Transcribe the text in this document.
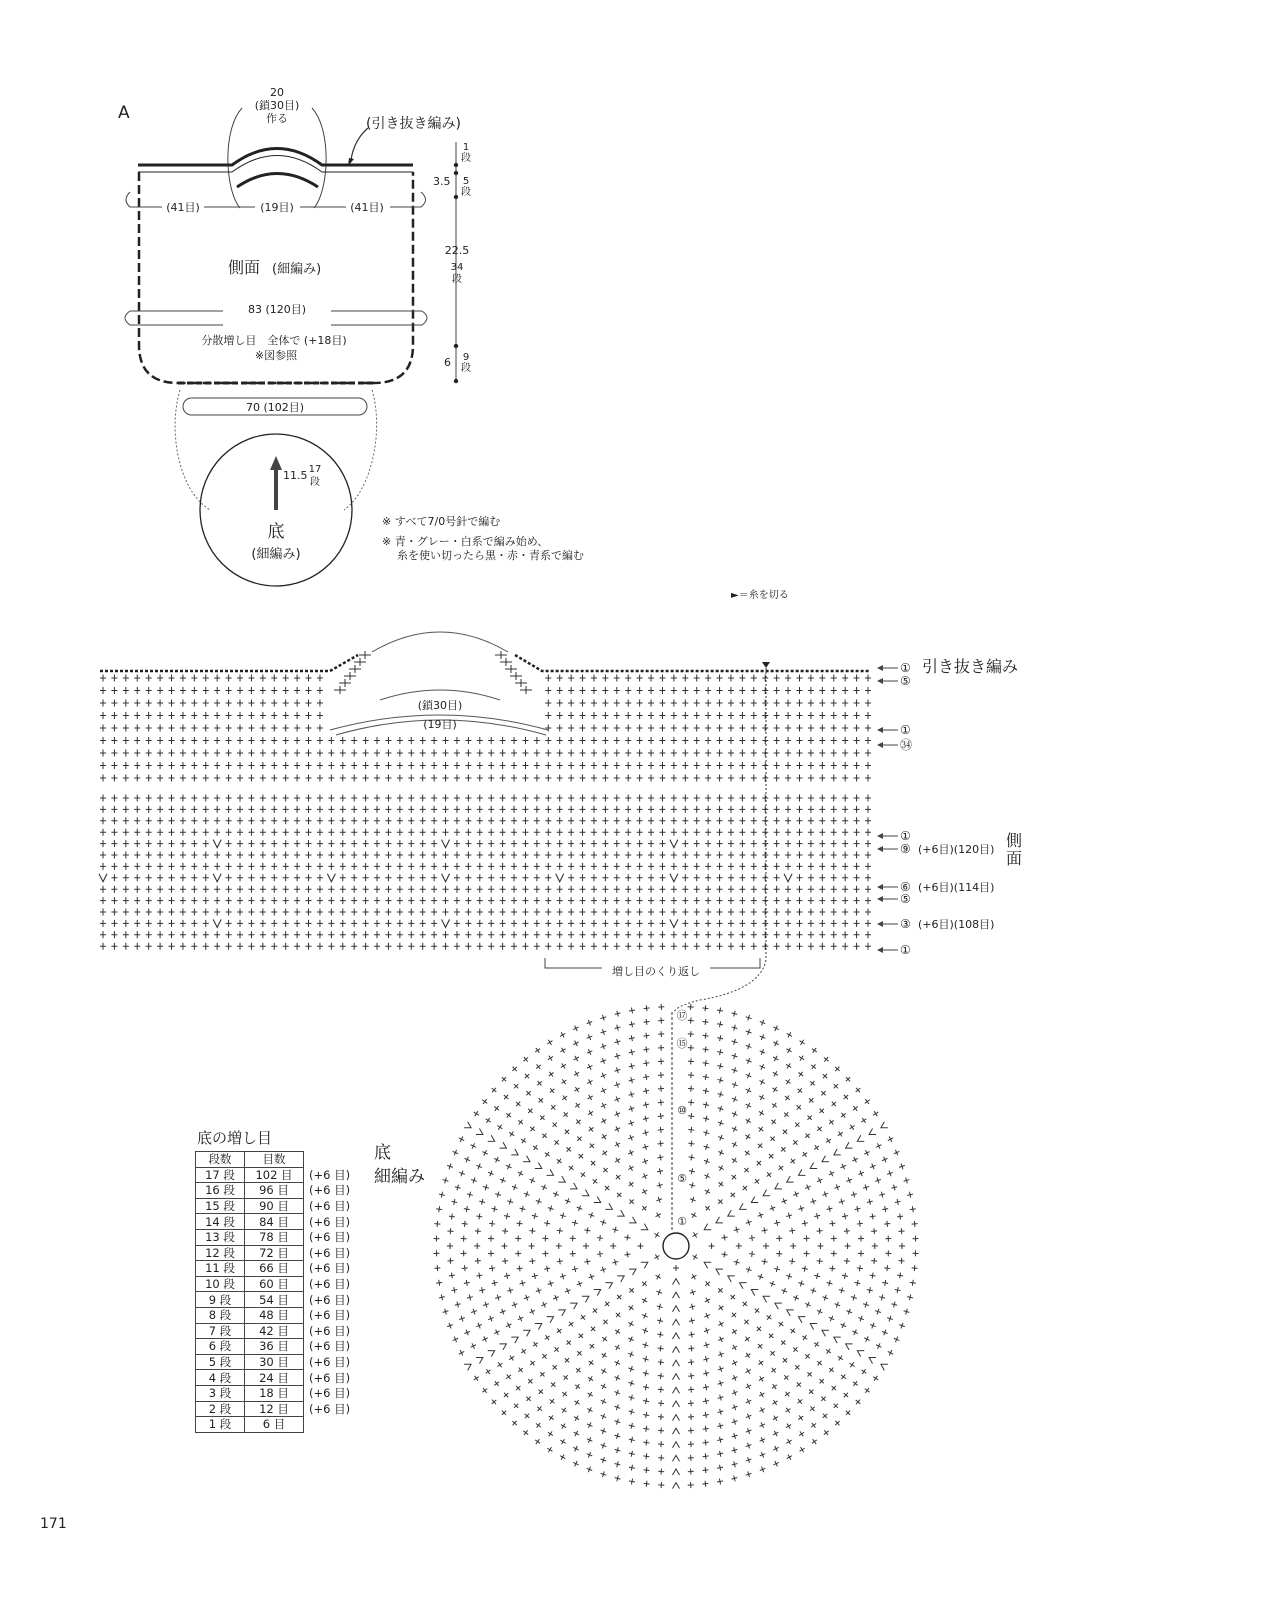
A
20
(鎖30目)
作る	(引き抜き編み)
(41目)	(19目)	(41目)
側面 (細編み)
83 (120目)
分散増し目　全体で (+18目)
※図参照
70 (102目)
11.5 17
段
底
(細編み)
1
段
3.5 5
段
22.5
34
段
6 9
段
※ すべて7/0号針で編む
※ 青・グレー・白系で編み始め、
糸を使い切ったら黒・赤・青系で編む
►＝糸を切る
引き抜き編み
(鎖30目)
(19目)
増し目のくり返し
側
面
①
⑤
①
㉞
①
⑨ (+6目)(120目)
⑥ (+6目)(114目)
⑤
③ (+6目)(108目)
①
⑰
⑮
⑩
⑤
①
底の増し目
底
細編み
段数	目数	
17 段	102 目	(+6 目)
16 段	96 目	(+6 目)
15 段	90 目	(+6 目)
14 段	84 目	(+6 目)
13 段	78 目	(+6 目)
12 段	72 目	(+6 目)
11 段	66 目	(+6 目)
10 段	60 目	(+6 目)
9 段	54 目	(+6 目)
8 段	48 目	(+6 目)
7 段	42 目	(+6 目)
6 段	36 目	(+6 目)
5 段	30 目	(+6 目)
4 段	24 目	(+6 目)
3 段	18 目	(+6 目)
2 段	12 目	(+6 目)
1 段	6 目	
171
